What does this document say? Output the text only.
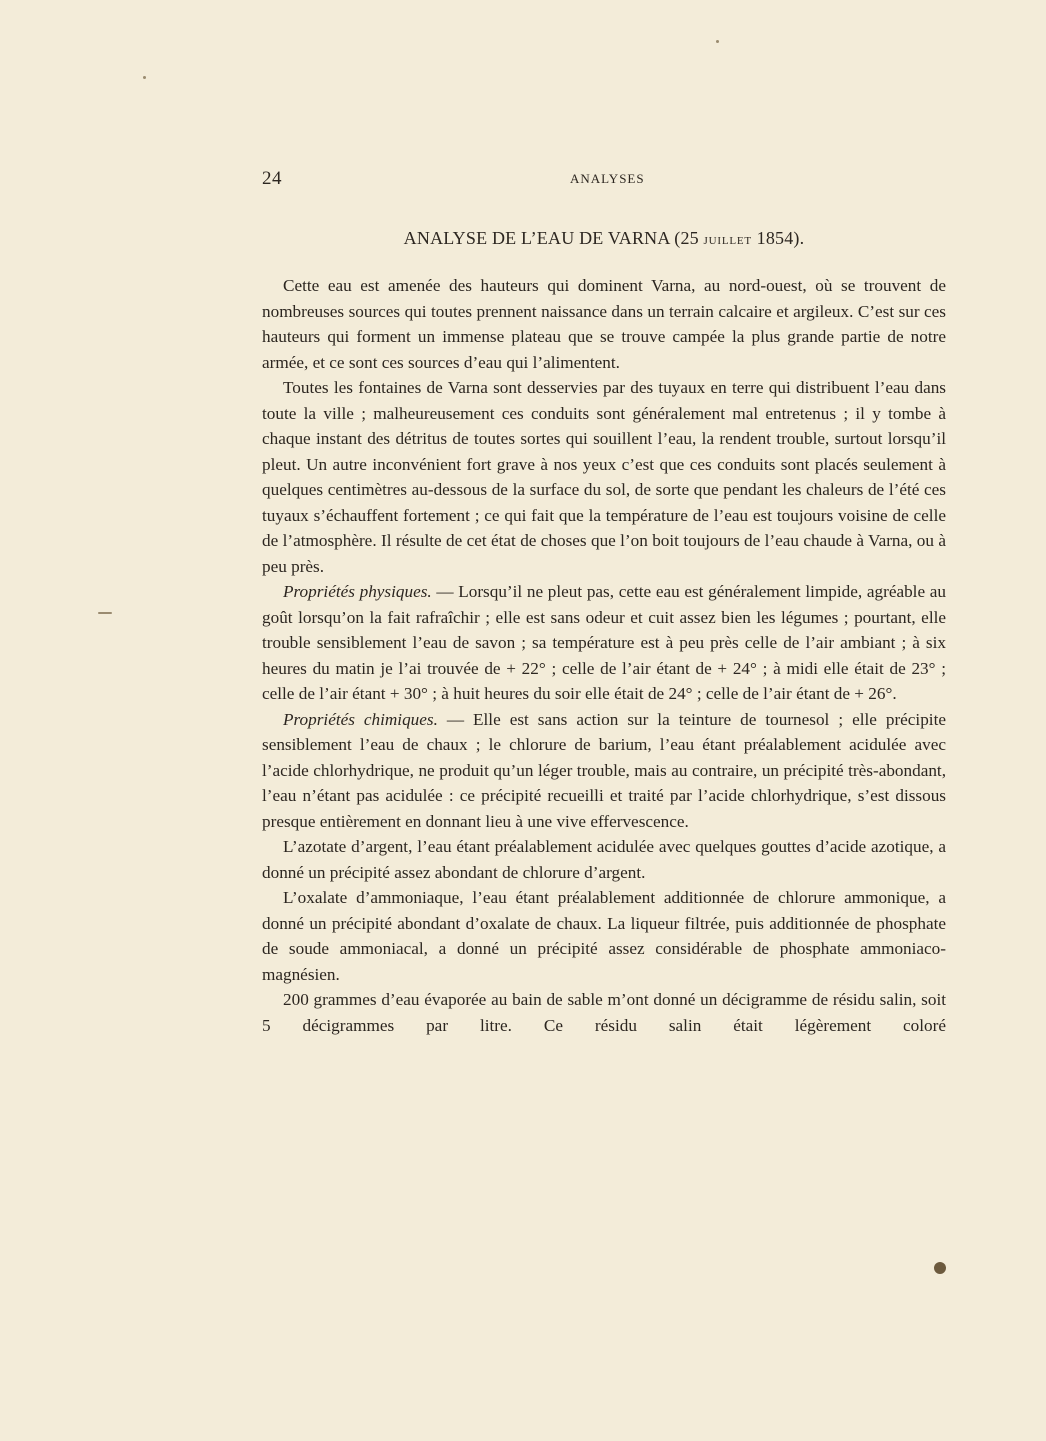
24	ANALYSES
ANALYSE DE L’EAU DE VARNA (25 juillet 1854).

Cette eau est amenée des hauteurs qui dominent Varna, au nord-ouest, où se trouvent de nombreuses sources qui toutes prennent naissance dans un terrain calcaire et argileux. C’est sur ces hauteurs qui forment un immense plateau que se trouve campée la plus grande partie de notre armée, et ce sont ces sources d’eau qui l’alimentent.

Toutes les fontaines de Varna sont desservies par des tuyaux en terre qui distribuent l’eau dans toute la ville ; malheureusement ces conduits sont généralement mal entretenus ; il y tombe à chaque instant des détritus de toutes sortes qui souillent l’eau, la rendent trouble, surtout lorsqu’il pleut. Un autre inconvénient fort grave à nos yeux c’est que ces conduits sont placés seulement à quelques centimètres au-dessous de la surface du sol, de sorte que pendant les chaleurs de l’été ces tuyaux s’échauffent fortement ; ce qui fait que la température de l’eau est toujours voisine de celle de l’atmosphère. Il résulte de cet état de choses que l’on boit toujours de l’eau chaude à Varna, ou à peu près.

Propriétés physiques. — Lorsqu’il ne pleut pas, cette eau est généralement limpide, agréable au goût lorsqu’on la fait rafraîchir ; elle est sans odeur et cuit assez bien les légumes ; pourtant, elle trouble sensiblement l’eau de savon ; sa température est à peu près celle de l’air ambiant ; à six heures du matin je l’ai trouvée de + 22° ; celle de l’air étant de + 24° ; à midi elle était de 23° ; celle de l’air étant + 30° ; à huit heures du soir elle était de 24° ; celle de l’air étant de + 26°.

Propriétés chimiques. — Elle est sans action sur la teinture de tournesol ; elle précipite sensiblement l’eau de chaux ; le chlorure de barium, l’eau étant préalablement acidulée avec l’acide chlorhydrique, ne produit qu’un léger trouble, mais au contraire, un précipité très-abondant, l’eau n’étant pas acidulée : ce précipité recueilli et traité par l’acide chlorhydrique, s’est dissous presque entièrement en donnant lieu à une vive effervescence.

L’azotate d’argent, l’eau étant préalablement acidulée avec quelques gouttes d’acide azotique, a donné un précipité assez abondant de chlorure d’argent.

L’oxalate d’ammoniaque, l’eau étant préalablement additionnée de chlorure ammonique, a donné un précipité abondant d’oxalate de chaux. La liqueur filtrée, puis additionnée de phosphate de soude ammoniacal, a donné un précipité assez considérable de phosphate ammoniaco-magnésien.

200 grammes d’eau évaporée au bain de sable m’ont donné un décigramme de résidu salin, soit 5 décigrammes par litre. Ce résidu salin était légèrement coloré
